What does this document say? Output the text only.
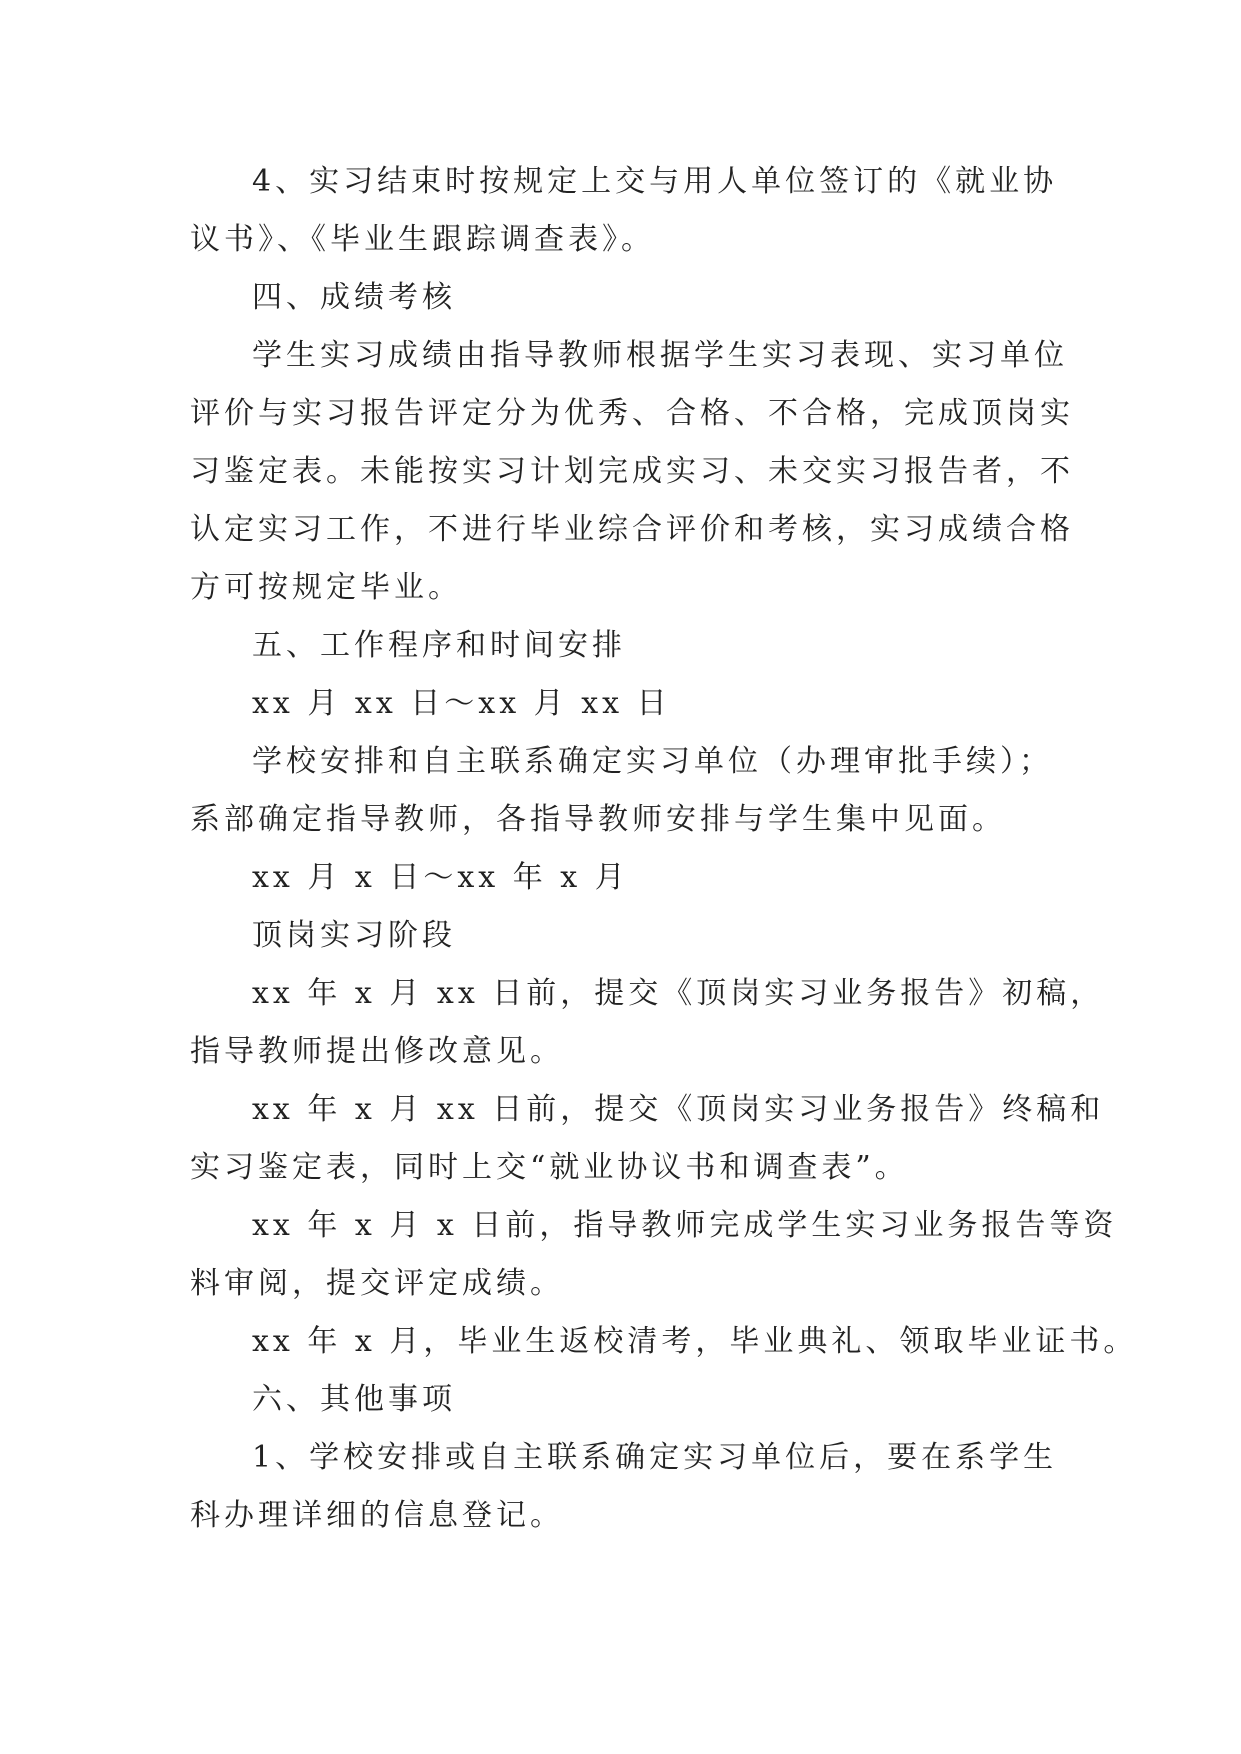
4、实习结束时按规定上交与用人单位签订的《就业协
议书》、《毕业生跟踪调查表》。

四、成绩考核

学生实习成绩由指导教师根据学生实习表现、实习单位
评价与实习报告评定分为优秀、合格、不合格，完成顶岗实
习鉴定表。未能按实习计划完成实习、未交实习报告者，不
认定实习工作，不进行毕业综合评价和考核，实习成绩合格
方可按规定毕业。

五、工作程序和时间安排

xx 月 xx 日～xx 月 xx 日

学校安排和自主联系确定实习单位（办理审批手续）；
系部确定指导教师，各指导教师安排与学生集中见面。

xx 月 x 日～xx 年 x 月

顶岗实习阶段

xx 年 x 月 xx 日前，提交《顶岗实习业务报告》初稿，
指导教师提出修改意见。

xx 年 x 月 xx 日前，提交《顶岗实习业务报告》终稿和
实习鉴定表，同时上交“就业协议书和调查表”。

xx 年 x 月 x 日前，指导教师完成学生实习业务报告等资
料审阅，提交评定成绩。

xx 年 x 月，毕业生返校清考，毕业典礼、领取毕业证书。

六、其他事项

1、学校安排或自主联系确定实习单位后，要在系学生
科办理详细的信息登记。
